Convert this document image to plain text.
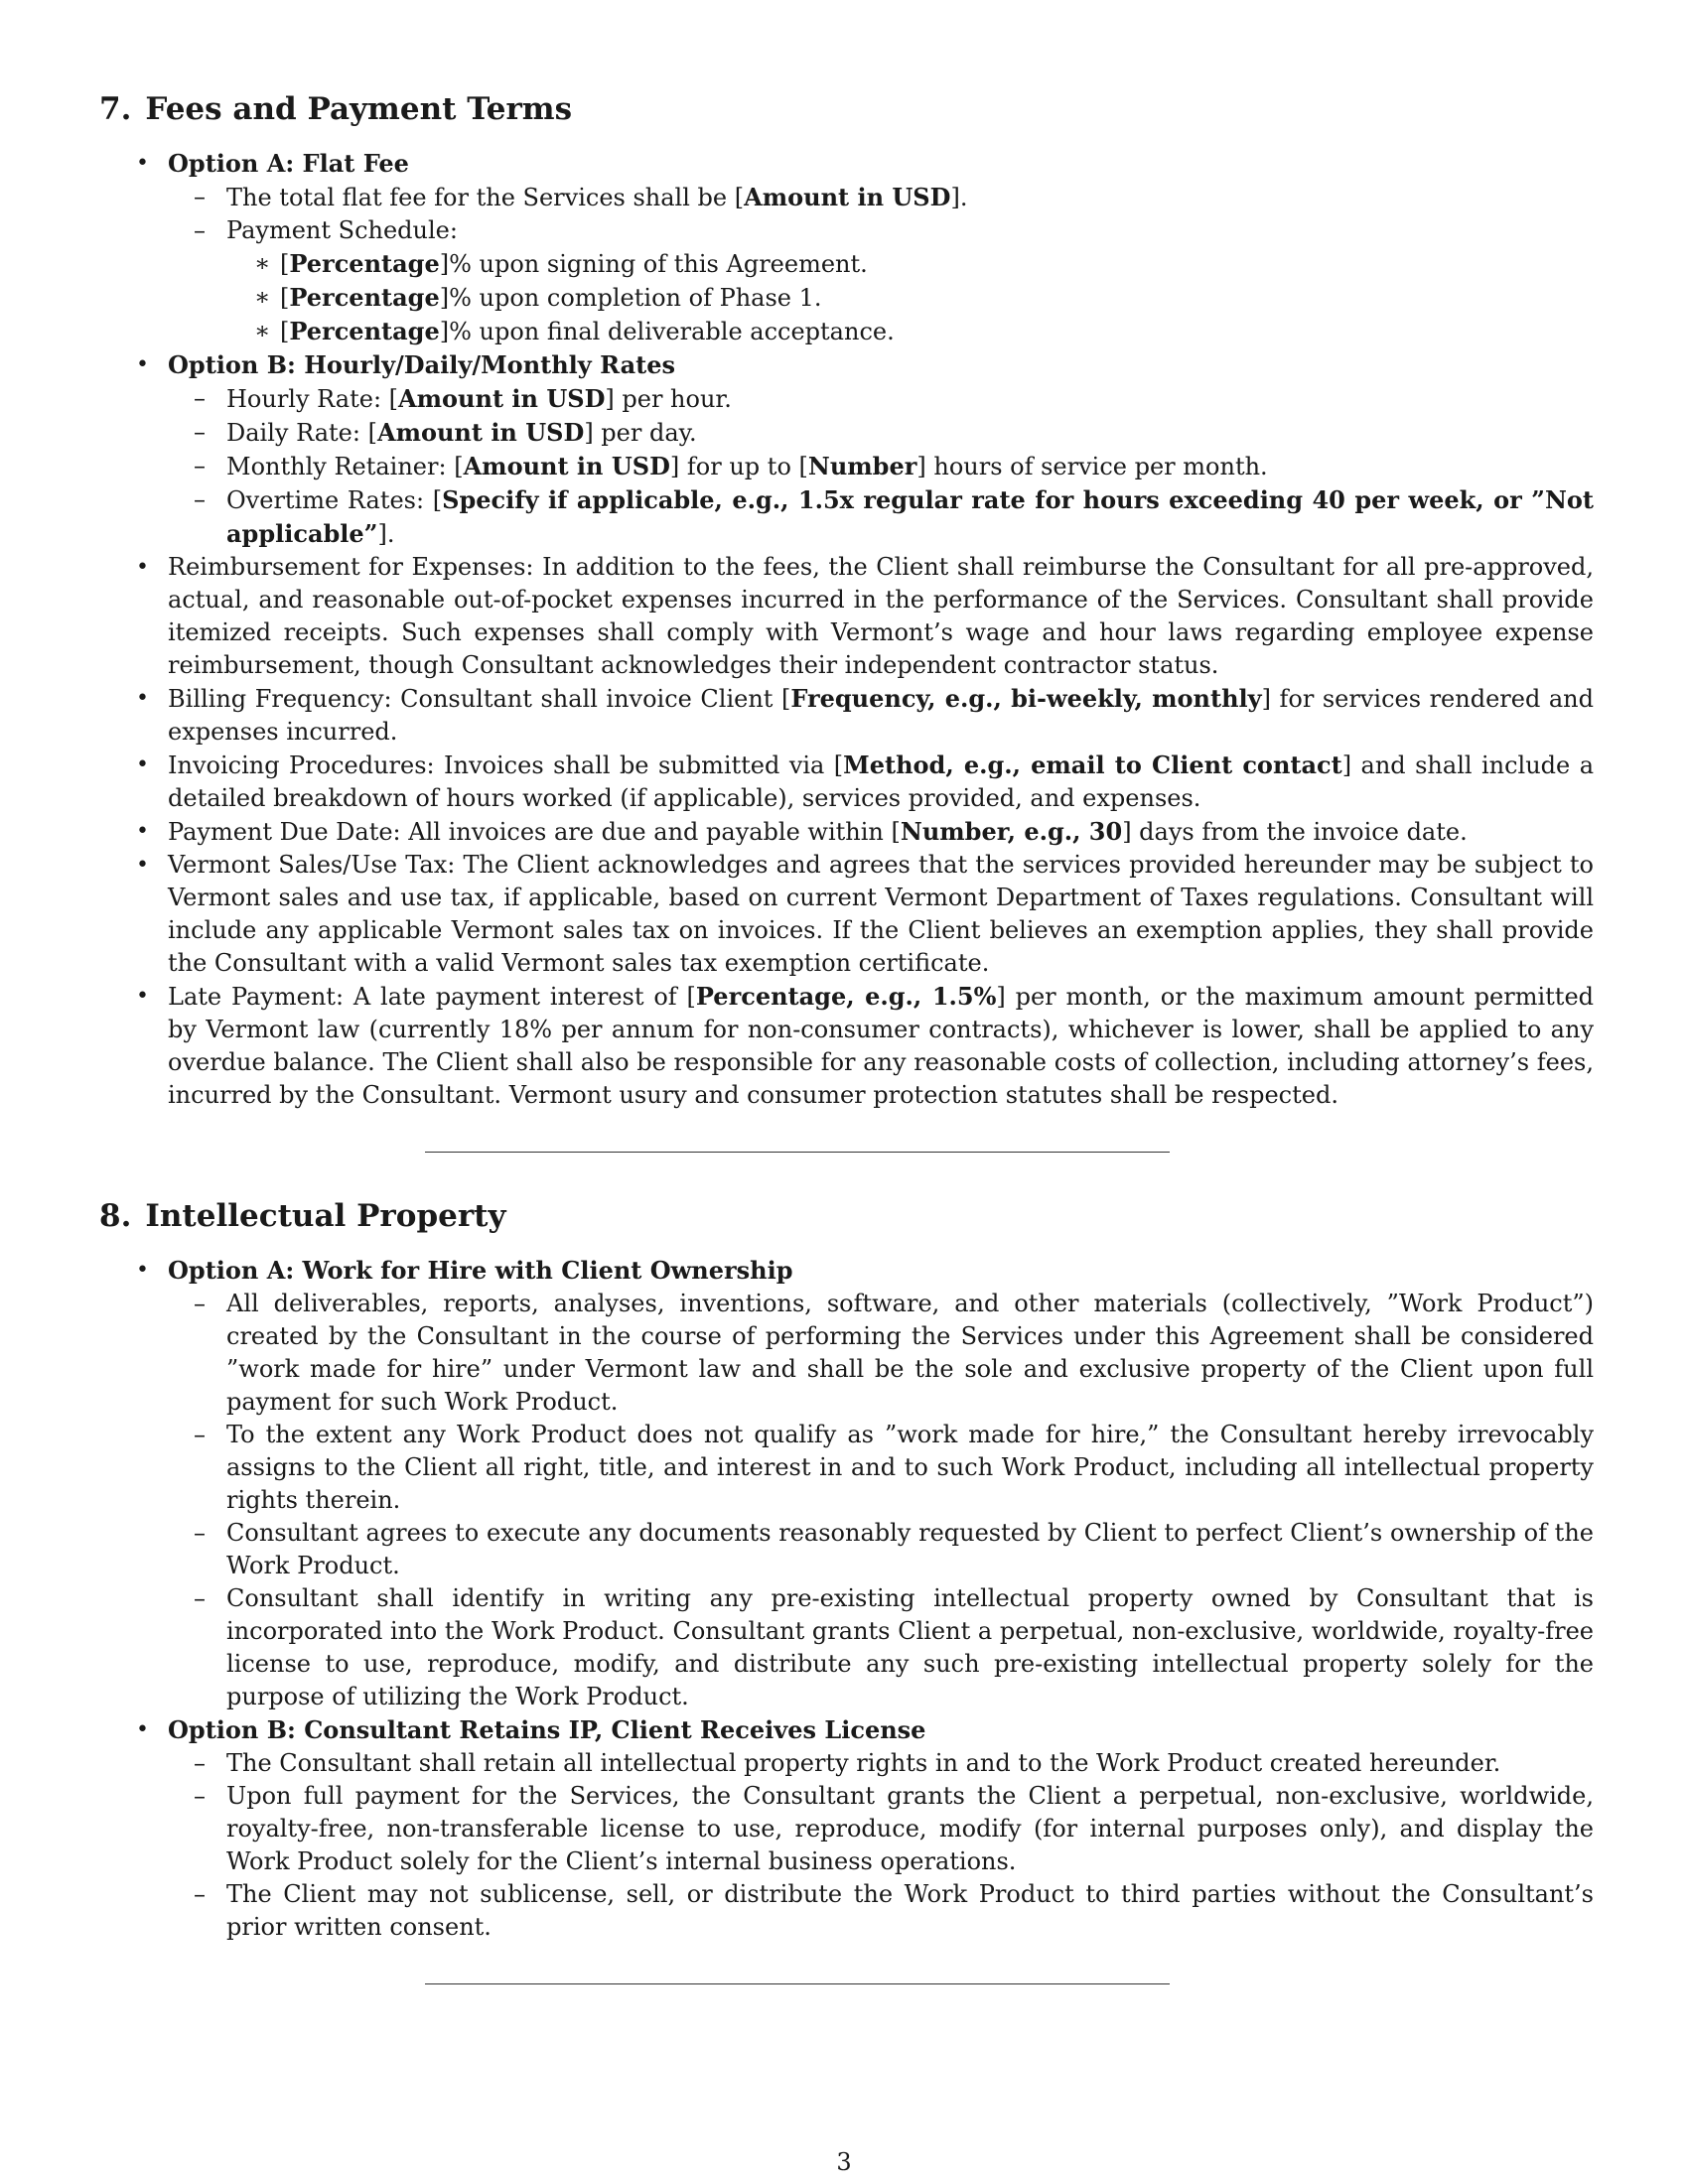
7. Fees and Payment Terms
• Option A: Flat Fee
– The total flat fee for the Services shall be [Amount in USD].
– Payment Schedule:
∗ [Percentage]% upon signing of this Agreement.
∗ [Percentage]% upon completion of Phase 1.
∗ [Percentage]% upon final deliverable acceptance.
• Option B: Hourly/Daily/Monthly Rates
– Hourly Rate: [Amount in USD] per hour.
– Daily Rate: [Amount in USD] per day.
– Monthly Retainer: [Amount in USD] for up to [Number] hours of service per month.
– Overtime Rates: [Specify if applicable, e.g., 1.5x regular rate for hours exceeding 40 per week, or ”Not applicable”].
• Reimbursement for Expenses: In addition to the fees, the Client shall reimburse the Consultant for all pre-approved, actual, and reasonable out-of-pocket expenses incurred in the performance of the Services. Consultant shall provide itemized receipts. Such expenses shall comply with Vermont’s wage and hour laws regarding employee expense reimbursement, though Consultant acknowledges their independent contractor status.
• Billing Frequency: Consultant shall invoice Client [Frequency, e.g., bi-weekly, monthly] for services rendered and expenses incurred.
• Invoicing Procedures: Invoices shall be submitted via [Method, e.g., email to Client contact] and shall include a detailed breakdown of hours worked (if applicable), services provided, and expenses.
• Payment Due Date: All invoices are due and payable within [Number, e.g., 30] days from the invoice date.
• Vermont Sales/Use Tax: The Client acknowledges and agrees that the services provided hereunder may be subject to Vermont sales and use tax, if applicable, based on current Vermont Department of Taxes regulations. Consultant will include any applicable Vermont sales tax on invoices. If the Client believes an exemption applies, they shall provide the Consultant with a valid Vermont sales tax exemption certificate.
• Late Payment: A late payment interest of [Percentage, e.g., 1.5%] per month, or the maximum amount permitted by Vermont law (currently 18% per annum for non-consumer contracts), whichever is lower, shall be applied to any overdue balance. The Client shall also be responsible for any reasonable costs of collection, including attorney’s fees, incurred by the Consultant. Vermont usury and consumer protection statutes shall be respected.
8. Intellectual Property
• Option A: Work for Hire with Client Ownership
– All deliverables, reports, analyses, inventions, software, and other materials (collectively, ”Work Product”) created by the Consultant in the course of performing the Services under this Agreement shall be considered ”work made for hire” under Vermont law and shall be the sole and exclusive property of the Client upon full payment for such Work Product.
– To the extent any Work Product does not qualify as ”work made for hire,” the Consultant hereby irrevocably assigns to the Client all right, title, and interest in and to such Work Product, including all intellectual property rights therein.
– Consultant agrees to execute any documents reasonably requested by Client to perfect Client’s ownership of the Work Product.
– Consultant shall identify in writing any pre-existing intellectual property owned by Consultant that is incorporated into the Work Product. Consultant grants Client a perpetual, non-exclusive, worldwide, royalty-free license to use, reproduce, modify, and distribute any such pre-existing intellectual property solely for the purpose of utilizing the Work Product.
• Option B: Consultant Retains IP, Client Receives License
– The Consultant shall retain all intellectual property rights in and to the Work Product created hereunder.
– Upon full payment for the Services, the Consultant grants the Client a perpetual, non-exclusive, worldwide, royalty-free, non-transferable license to use, reproduce, modify (for internal purposes only), and display the Work Product solely for the Client’s internal business operations.
– The Client may not sublicense, sell, or distribute the Work Product to third parties without the Consultant’s prior written consent.
3
